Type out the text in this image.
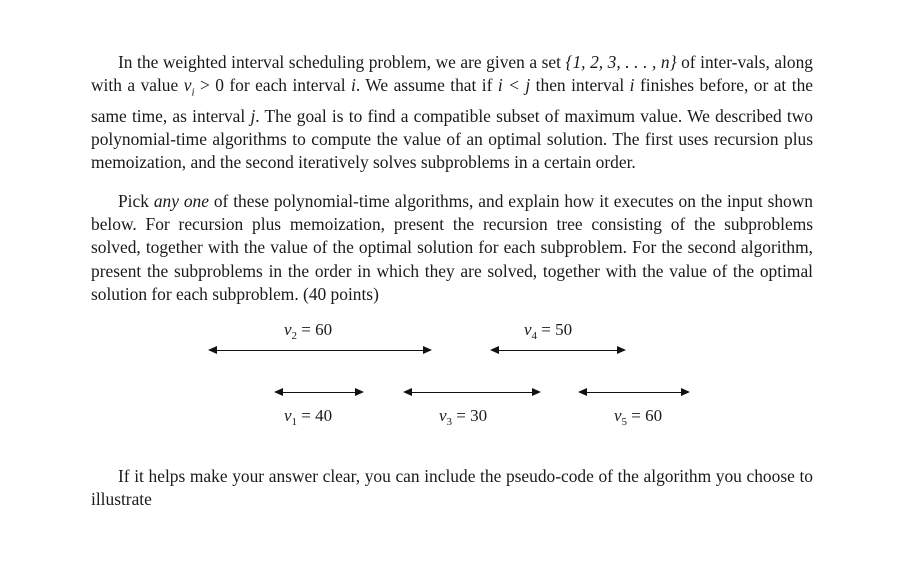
In the weighted interval scheduling problem, we are given a set {1, 2, 3, . . . , n} of inter-vals, along with a value $v_i > 0$ for each interval i. We assume that if i < j then interval i finishes before, or at the same time, as interval j. The goal is to find a compatible subset of maximum value. We described two polynomial-time algorithms to compute the value of an optimal solution. The first uses recursion plus memoization, and the second iteratively solves subproblems in a certain order.

Pick any one of these polynomial-time algorithms, and explain how it executes on the input shown below. For recursion plus memoization, present the recursion tree consisting of the subproblems solved, together with the value of the optimal solution for each subproblem. For the second algorithm, present the subproblems in the order in which they are solved, together with the value of the optimal solution for each subproblem. (40 points)

$v_2 = 60$	$v_4 = 50$
$v_1 = 40$	$v_3 = 30$	$v_5 = 60$

If it helps make your answer clear, you can include the pseudo-code of the algorithm you choose to illustrate
